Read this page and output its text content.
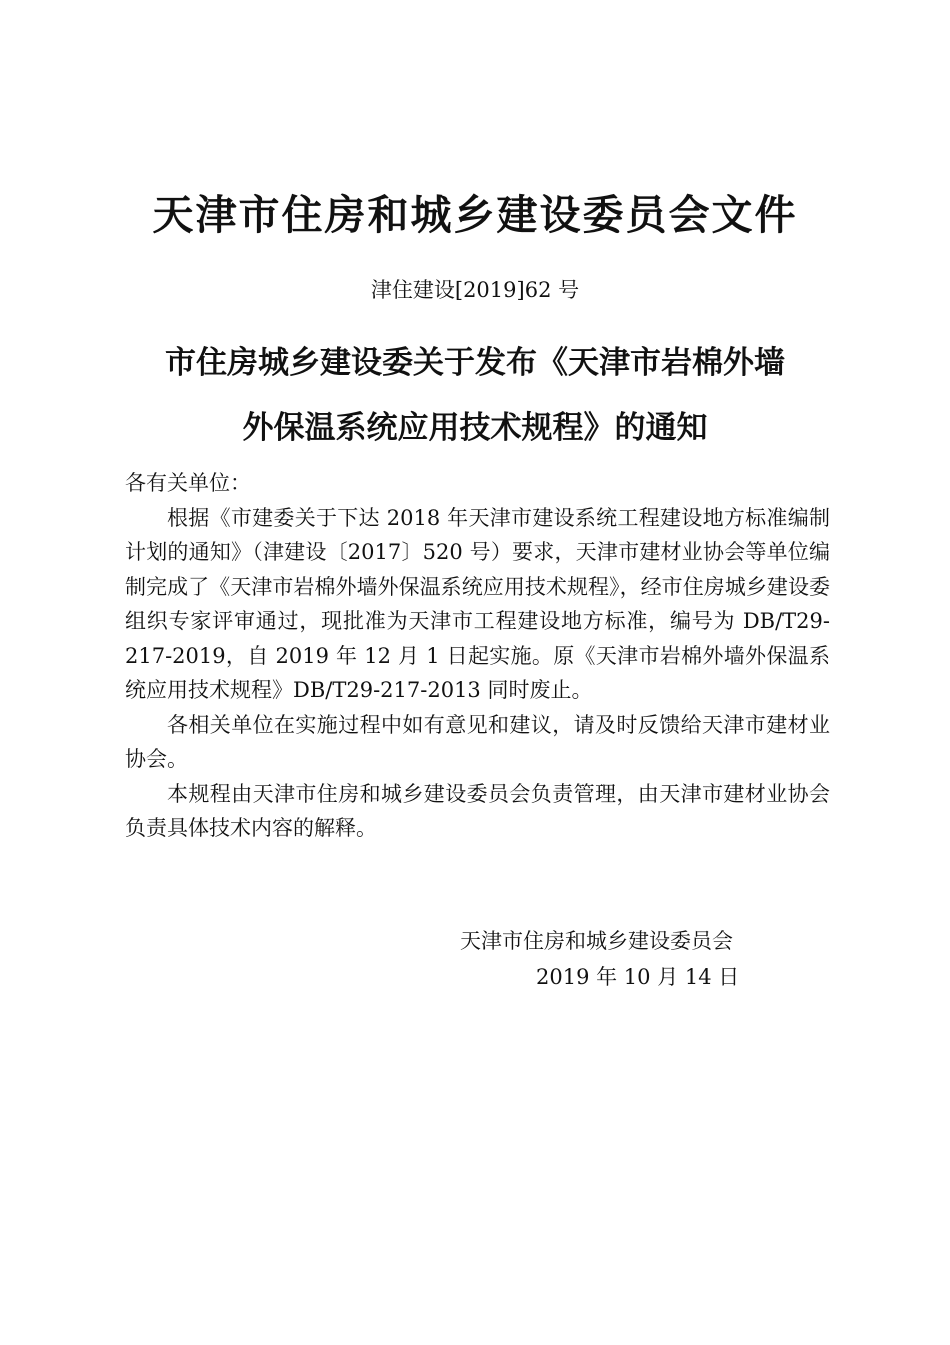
天津市住房和城乡建设委员会文件
津住建设[2019]62 号
市住房城乡建设委关于发布《天津市岩棉外墙
外保温系统应用技术规程》的通知

各有关单位：

根据《市建委关于下达 2018 年天津市建设系统工程建设地方标准编制计划的通知》（津建设〔2017〕520 号）要求，天津市建材业协会等单位编制完成了《天津市岩棉外墙外保温系统应用技术规程》，经市住房城乡建设委组织专家评审通过，现批准为天津市工程建设地方标准，编号为 DB/T29-217-2019，自 2019 年 12 月 1 日起实施。原《天津市岩棉外墙外保温系统应用技术规程》DB/T29-217-2013 同时废止。

各相关单位在实施过程中如有意见和建议，请及时反馈给天津市建材业协会。

本规程由天津市住房和城乡建设委员会负责管理，由天津市建材业协会负责具体技术内容的解释。

天津市住房和城乡建设委员会
2019 年 10 月 14 日
